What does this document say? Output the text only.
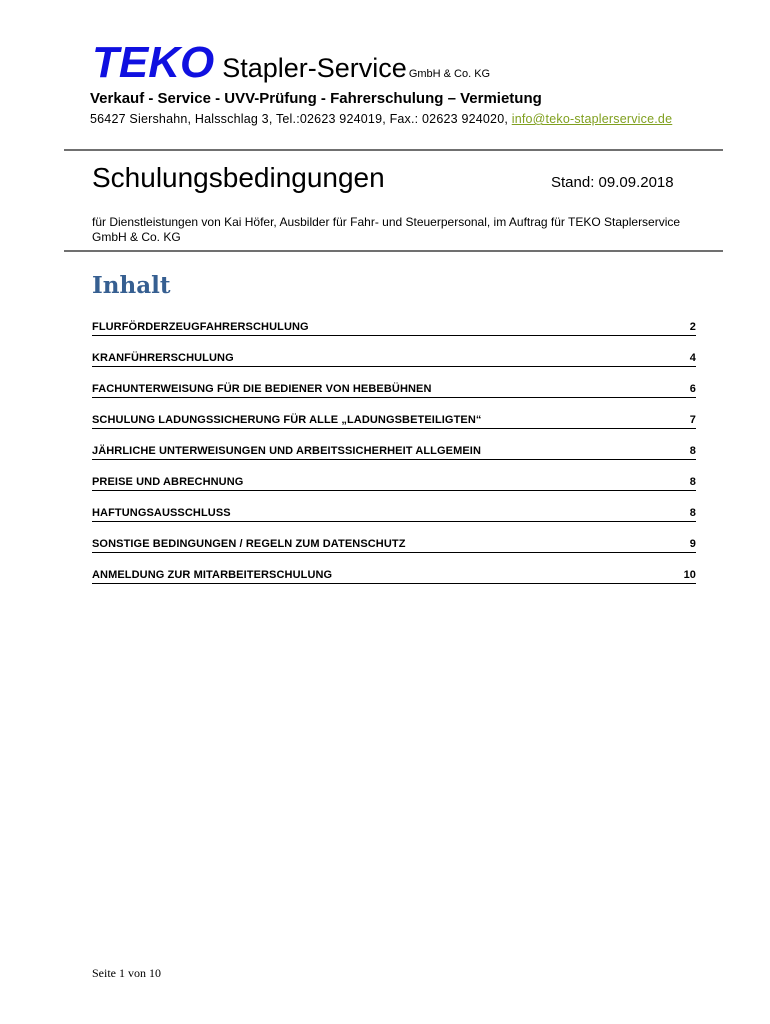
TEKO Stapler-Service GmbH & Co. KG
Verkauf - Service - UVV-Prüfung - Fahrerschulung – Vermietung
56427 Siershahn, Halsschlag 3, Tel.:02623 924019, Fax.: 02623 924020, info@teko-staplerservice.de
Schulungsbedingungen	Stand: 09.09.2018
für Dienstleistungen von Kai Höfer, Ausbilder für Fahr- und Steuerpersonal, im Auftrag für TEKO Staplerservice GmbH & Co. KG
Inhalt
FLURFÖRDERZEUGFAHRERSCHULUNG	2
KRANFÜHRERSCHULUNG	4
FACHUNTERWEISUNG FÜR DIE BEDIENER VON HEBEBÜHNEN	6
SCHULUNG LADUNGSSICHERUNG FÜR ALLE „LADUNGSBETEILIGTEN“	7
JÄHRLICHE UNTERWEISUNGEN UND ARBEITSSICHERHEIT ALLGEMEIN	8
PREISE UND ABRECHNUNG	8
HAFTUNGSAUSSCHLUSS	8
SONSTIGE BEDINGUNGEN / REGELN ZUM DATENSCHUTZ	9
ANMELDUNG ZUR MITARBEITERSCHULUNG	10
Seite 1 von 10
